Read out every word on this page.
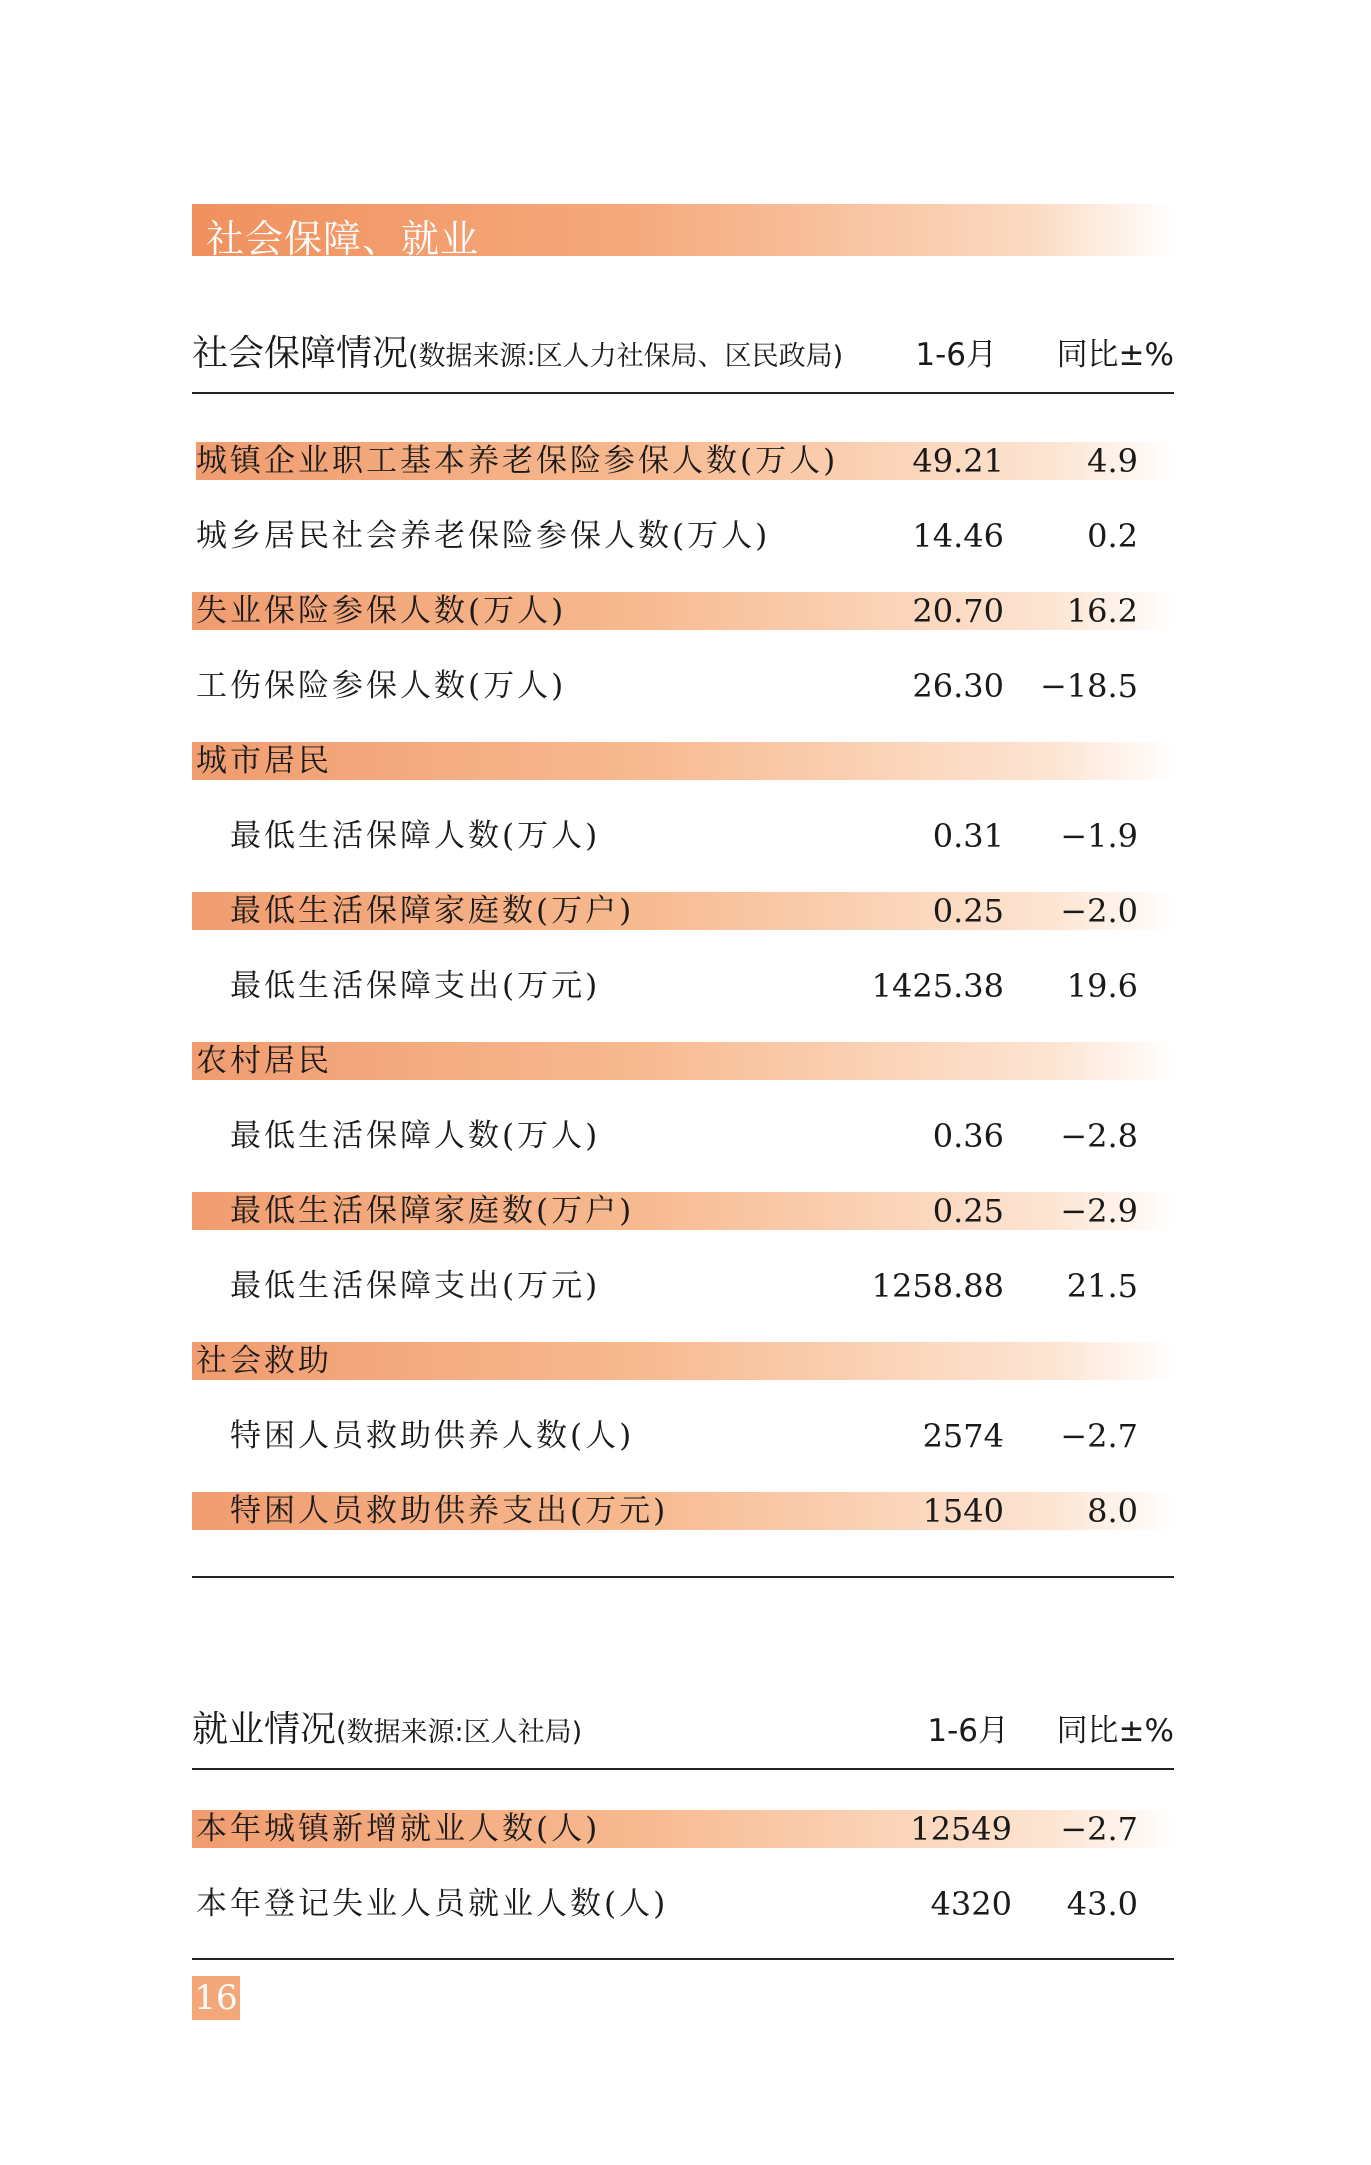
社会保障、就业
社会保障情况(数据来源:区人力社保局、区民政局) 1-6月 同比±%
城镇企业职工基本养老保险参保人数(万人) 49.21	4.9
城乡居民社会养老保险参保人数(万人)	14.46	0.2
失业保险参保人数(万人)	20.70 16.2
工伤保险参保人数(万人)	26.30 −18.5
城市居民
最低生活保障人数(万人)	0.31 −1.9
最低生活保障家庭数(万户)	0.25 −2.0
最低生活保障支出(万元)	1425.38 19.6
农村居民
最低生活保障人数(万人)	0.36 −2.8
最低生活保障家庭数(万户)	0.25 −2.9
最低生活保障支出(万元)	1258.88 21.5
社会救助
特困人员救助供养人数(人)	2574 −2.7
特困人员救助供养支出(万元)	1540	8.0
就业情况(数据来源:区人社局)	1-6月 同比±%
本年城镇新增就业人数(人)	12549 −2.7
本年登记失业人员就业人数(人)	4320 43.0
16
